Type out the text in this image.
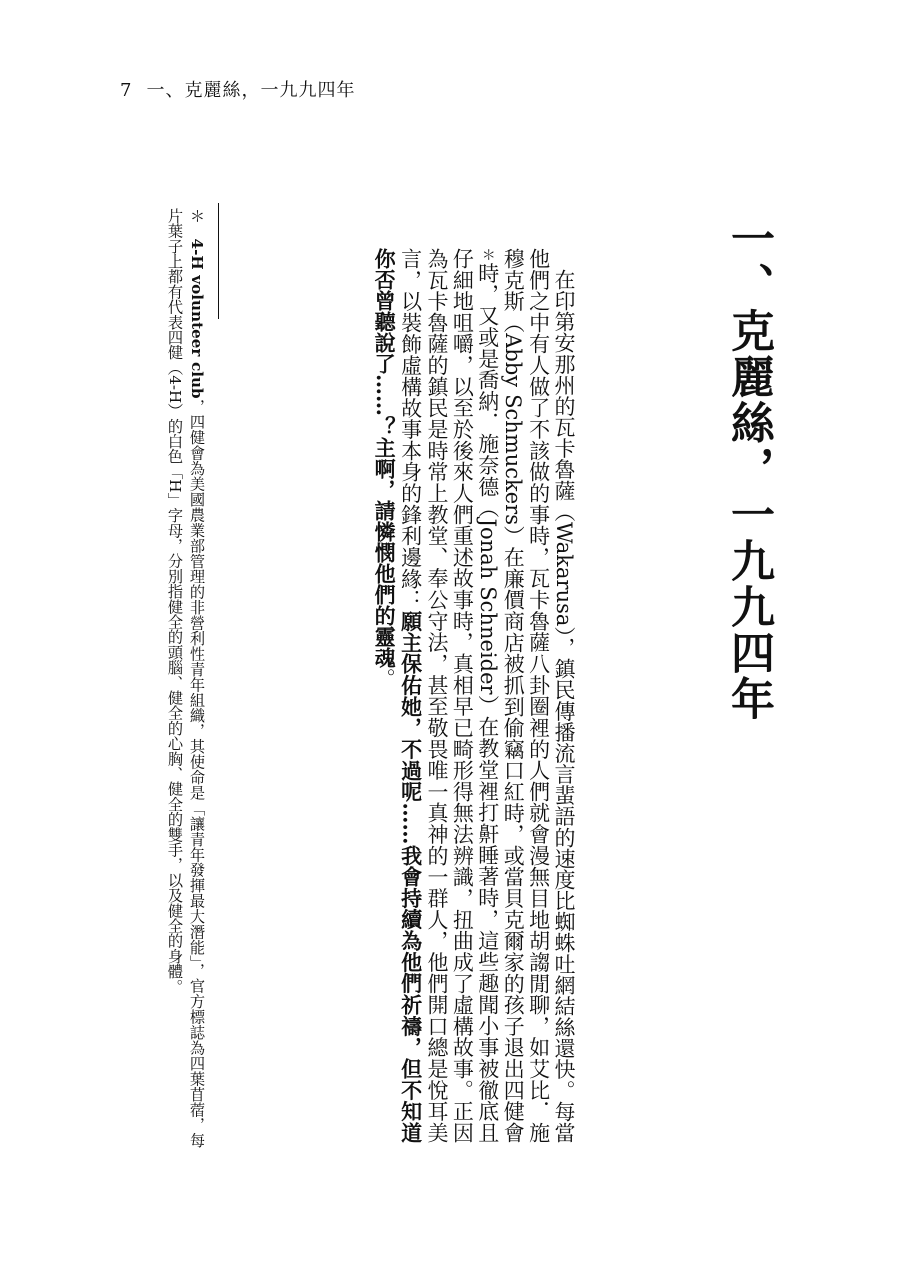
7 一、克麗絲，一九九四年
一、克麗絲，一九九四年

在印第安那州的瓦卡魯薩（Wakarusa），鎮民傳播流言蜚語的速度比蜘蛛吐網結絲還快。每當他們之中有人做了不該做的事時，瓦卡魯薩八卦圈裡的人們就會漫無目地胡謅閒聊，如艾比．施穆克斯（Abby Schmuckers）在廉價商店被抓到偷竊口紅時，或當貝克爾家的孩子退出四健會＊時，又或是喬納．施奈德（Jonah Schneider）在教堂裡打鼾睡著時，這些趣聞小事被徹底且仔細地咀嚼，以至於後來人們重述故事時，真相早已畸形得無法辨識，扭曲成了虛構故事。正因為瓦卡魯薩的鎮民是時常上教堂、奉公守法，甚至敬畏唯一真神的一群人，他們開口總是悅耳美言，以裝飾虛構故事本身的鋒利邊緣：願主保佑她，不過呢……我會持續為他們祈禱，但不知道你否曾聽說了……？主啊，請憐憫他們的靈魂。

＊ 4-H volunteer club，四健會為美國農業部管理的非營利性青年組織，其使命是「讓青年發揮最大潛能」，官方標誌為四葉苜蓿，每片葉子上都有代表四健（4-H）的白色「H」字母，分別指健全的頭腦、健全的心胸、健全的雙手，以及健全的身體。
